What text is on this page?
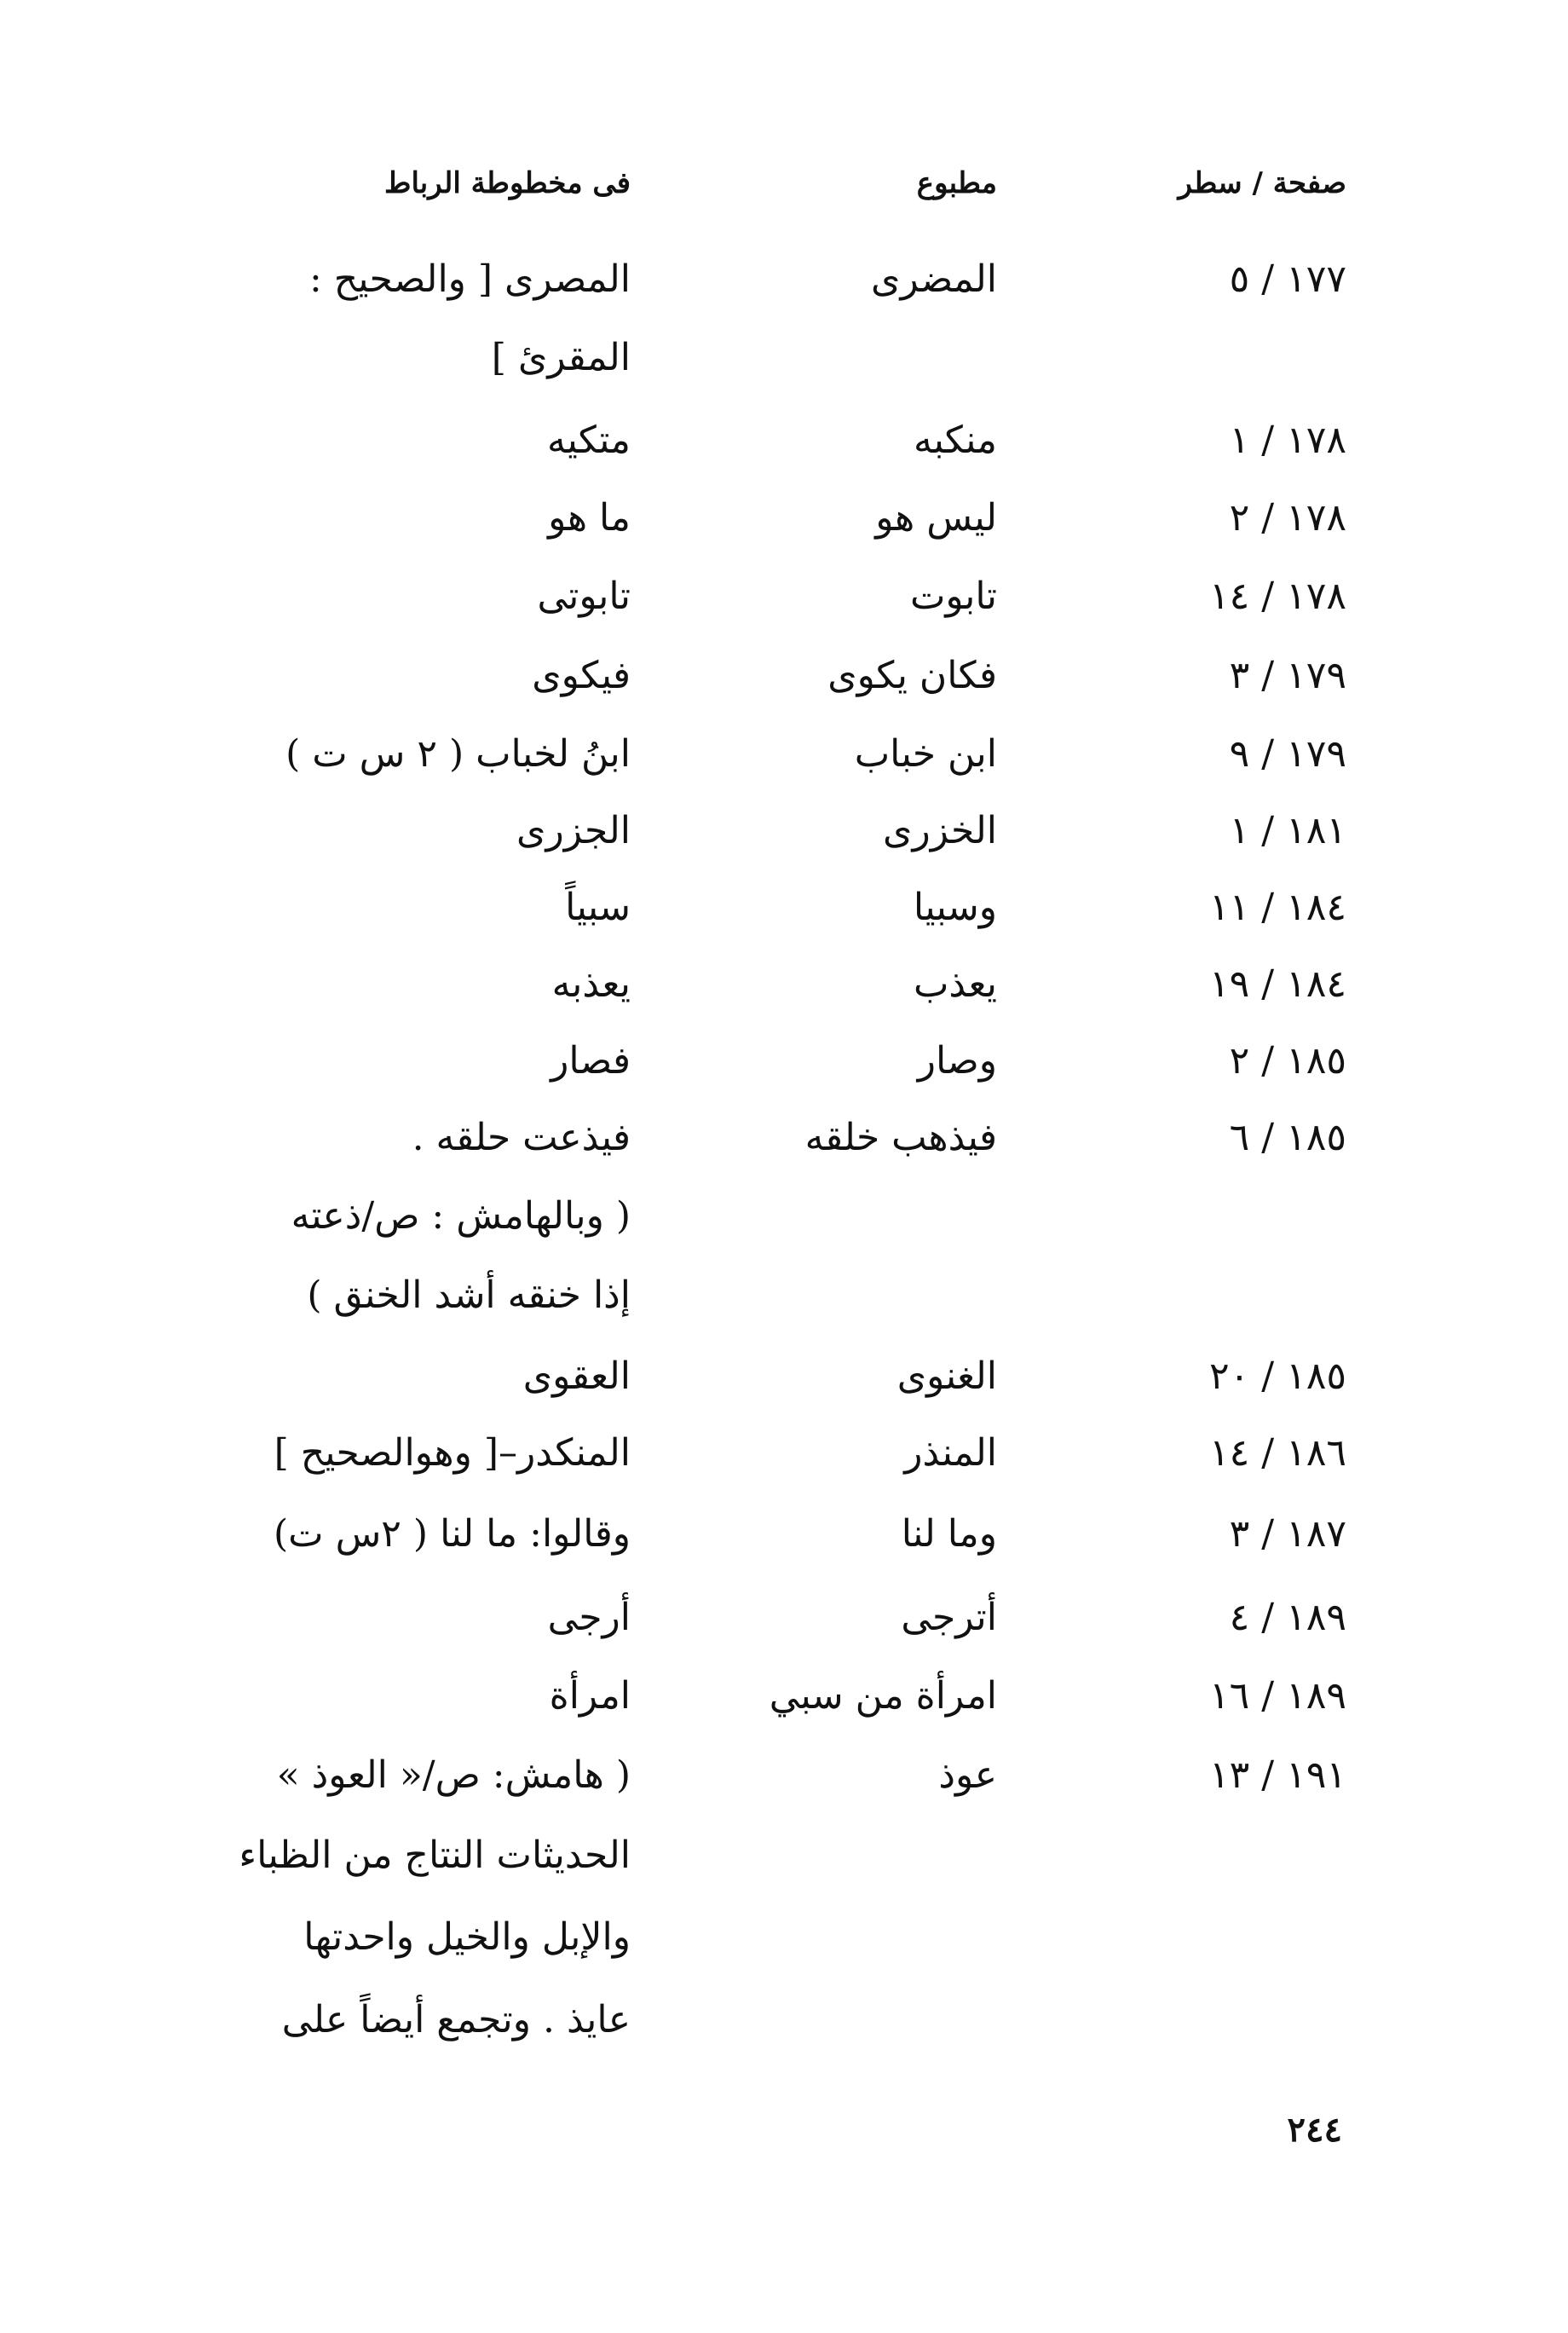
صفحة / سطر
مطبوع
فى مخطوطة الرباط
١٧٧ / ٥
المضرى
المصرى [ والصحيح :
المقرئ ]
١٧٨ / ١
منكبه
متكيه
١٧٨ / ٢
ليس هو
ما هو
١٧٨ / ١٤
تابوت
تابوتى
١٧٩ / ٣
فكان يكوى
فيكوى
١٧٩ / ٩
ابن خباب
ابنُ لخباب ( ٢ س ت )
١٨١ / ١
الخزرى
الجزرى
١٨٤ / ١١
وسبيا
سبياً
١٨٤ / ١٩
يعذب
يعذبه
١٨٥ / ٢
وصار
فصار
١٨٥ / ٦
فيذهب خلقه
فيذعت حلقه .
( وبالهامش : ص/ذعته
إذا خنقه أشد الخنق )
١٨٥ / ٢٠
الغنوى
العقوى
١٨٦ / ١٤
المنذر
المنكدر–[ وهوالصحيح ]
١٨٧ / ٣
وما لنا
وقالوا: ما لنا ( ٢س ت)
١٨٩ / ٤
أترجى
أرجى
١٨٩ / ١٦
امرأة من سبي
امرأة
١٩١ / ١٣
عوذ
( هامش: ص/« العوذ »
الحديثات النتاج من الظباء
والإبل والخيل واحدتها
عايذ . وتجمع أيضاً على
٢٤٤
